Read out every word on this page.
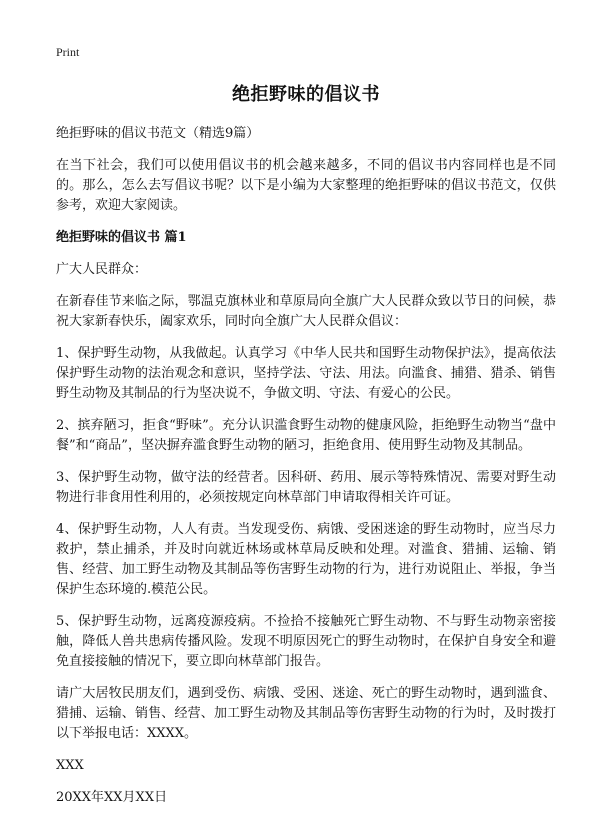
Print
绝拒野味的倡议书

绝拒野味的倡议书范文（精选9篇）

在当下社会，我们可以使用倡议书的机会越来越多，不同的倡议书内容同样也是不同的。那么，怎么去写倡议书呢？以下是小编为大家整理的绝拒野味的倡议书范文，仅供参考，欢迎大家阅读。

绝拒野味的倡议书 篇1

广大人民群众：

在新春佳节来临之际，鄂温克旗林业和草原局向全旗广大人民群众致以节日的问候，恭祝大家新春快乐，阖家欢乐，同时向全旗广大人民群众倡议：

1、保护野生动物，从我做起。认真学习《中华人民共和国野生动物保护法》，提高依法保护野生动物的法治观念和意识，坚持学法、守法、用法。向滥食、捕猎、猎杀、销售野生动物及其制品的行为坚决说不，争做文明、守法、有爱心的公民。

2、摈弃陋习，拒食“野味”。充分认识滥食野生动物的健康风险，拒绝野生动物当“盘中餐”和“商品”，坚决摒弃滥食野生动物的陋习，拒绝食用、使用野生动物及其制品。

3、保护野生动物，做守法的经营者。因科研、药用、展示等特殊情况、需要对野生动物进行非食用性利用的，必须按规定向林草部门申请取得相关许可证。

4、保护野生动物，人人有责。当发现受伤、病饿、受困迷途的野生动物时，应当尽力救护，禁止捕杀，并及时向就近林场或林草局反映和处理。对滥食、猎捕、运输、销售、经营、加工野生动物及其制品等伤害野生动物的行为，进行劝说阻止、举报，争当保护生态环境的.模范公民。

5、保护野生动物，远离疫源疫病。不捡拾不接触死亡野生动物、不与野生动物亲密接触，降低人兽共患病传播风险。发现不明原因死亡的野生动物时，在保护自身安全和避免直接接触的情况下，要立即向林草部门报告。

请广大居牧民朋友们，遇到受伤、病饿、受困、迷途、死亡的野生动物时，遇到滥食、猎捕、运输、销售、经营、加工野生动物及其制品等伤害野生动物的行为时，及时拨打以下举报电话：XXXX。

XXX

20XX年XX月XX日
